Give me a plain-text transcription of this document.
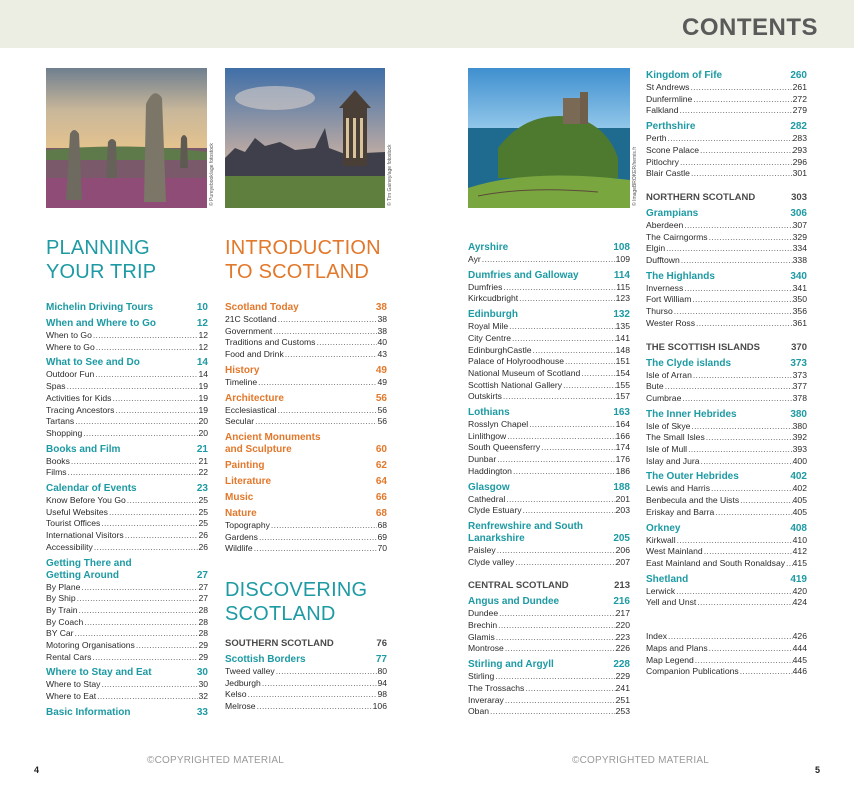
CONTENTS
© Pureyebook/age fotostock	© Tim Gainey/age fotostock	© ImageBROKER/hemis.fr
PLANNING
YOUR TRIP
Michelin Driving Tours	10
When and Where to Go	12
When to Go .....	12
Where to Go .....	12
What to See and Do	14
Outdoor Fun .....	14
Spas .....	19
Activities for Kids .....	19
Tracing Ancestors .....	19
Tartans .....	20
Shopping .....	20
Books and Film	21
Books .....	21
Films .....	22
Calendar of Events	23
Know Before You Go .....	25
Useful Websites .....	25
Tourist Offices .....	25
International Visitors .....	26
Accessibility .....	26
Getting There and
Getting Around	27
By Plane .....	27
By Ship .....	27
By Train .....	28
By Coach .....	28
BY Car .....	28
Motoring Organisations .....	29
Rental Cars .....	29
Where to Stay and Eat	30
Where to Stay .....	30
Where to Eat .....	32
Basic Information	33
INTRODUCTION
TO SCOTLAND
Scotland Today	38
21C Scotland .....	38
Government .....	38
Traditions and Customs .....	40
Food and Drink .....	43
History	49
Timeline .....	49
Architecture	56
Ecclesiastical .....	56
Secular .....	56
Ancient Monuments
and Sculpture	60
Painting	62
Literature	64
Music	66
Nature	68
Topography .....	68
Gardens .....	69
Wildlife .....	70
DISCOVERING
SCOTLAND
SOUTHERN SCOTLAND	76
Scottish Borders	77
Tweed valley .....	80
Jedburgh .....	94
Kelso .....	98
Melrose .....	106
Ayrshire	108
Ayr .....	109
Dumfries and Galloway	114
Dumfries .....	115
Kirkcudbright .....	123
Edinburgh	132
Royal Mile .....	135
City Centre .....	141
EdinburghCastle .....	148
Palace of Holyroodhouse .....	151
National Museum of Scotland .....	154
Scottish National Gallery .....	155
Outskirts .....	157
Lothians	163
Rosslyn Chapel .....	164
Linlithgow .....	166
South Queensferry .....	174
Dunbar .....	176
Haddington .....	186
Glasgow	188
Cathedral .....	201
Clyde Estuary .....	203
Renfrewshire and South
Lanarkshire	205
Paisley .....	206
Clyde valley .....	207
CENTRAL SCOTLAND	213
Angus and Dundee	216
Dundee .....	217
Brechin .....	220
Glamis .....	223
Montrose .....	226
Stirling and Argyll	228
Stirling .....	229
The Trossachs .....	241
Inveraray .....	251
Oban .....	253
Kingdom of Fife	260
St Andrews .....	261
Dunfermline .....	272
Falkland .....	279
Perthshire	282
Perth .....	283
Scone Palace .....	293
Pitlochry .....	296
Blair Castle .....	301
NORTHERN SCOTLAND	303
Grampians	306
Aberdeen .....	307
The Cairngorms .....	329
Elgin .....	334
Dufftown .....	338
The Highlands	340
Inverness .....	341
Fort William .....	350
Thurso .....	356
Wester Ross .....	361
THE SCOTTISH ISLANDS	370
The Clyde islands	373
Isle of Arran .....	373
Bute .....	377
Cumbrae .....	378
The Inner Hebrides	380
Isle of Skye .....	380
The Small Isles .....	392
Isle of Mull .....	393
Islay and Jura .....	400
The Outer Hebrides	402
Lewis and Harris .....	402
Benbecula and the Uists .....	405
Eriskay and Barra .....	405
Orkney	408
Kirkwall .....	410
West Mainland .....	412
East Mainland and South Ronaldsay ..... 415
Shetland	419
Lerwick .....	420
Yell and Unst .....	424
Index .....	426
Maps and Plans .....	444
Map Legend .....	445
Companion Publications .....	446
©COPYRIGHTED MATERIAL	©COPYRIGHTED MATERIAL
4	5
